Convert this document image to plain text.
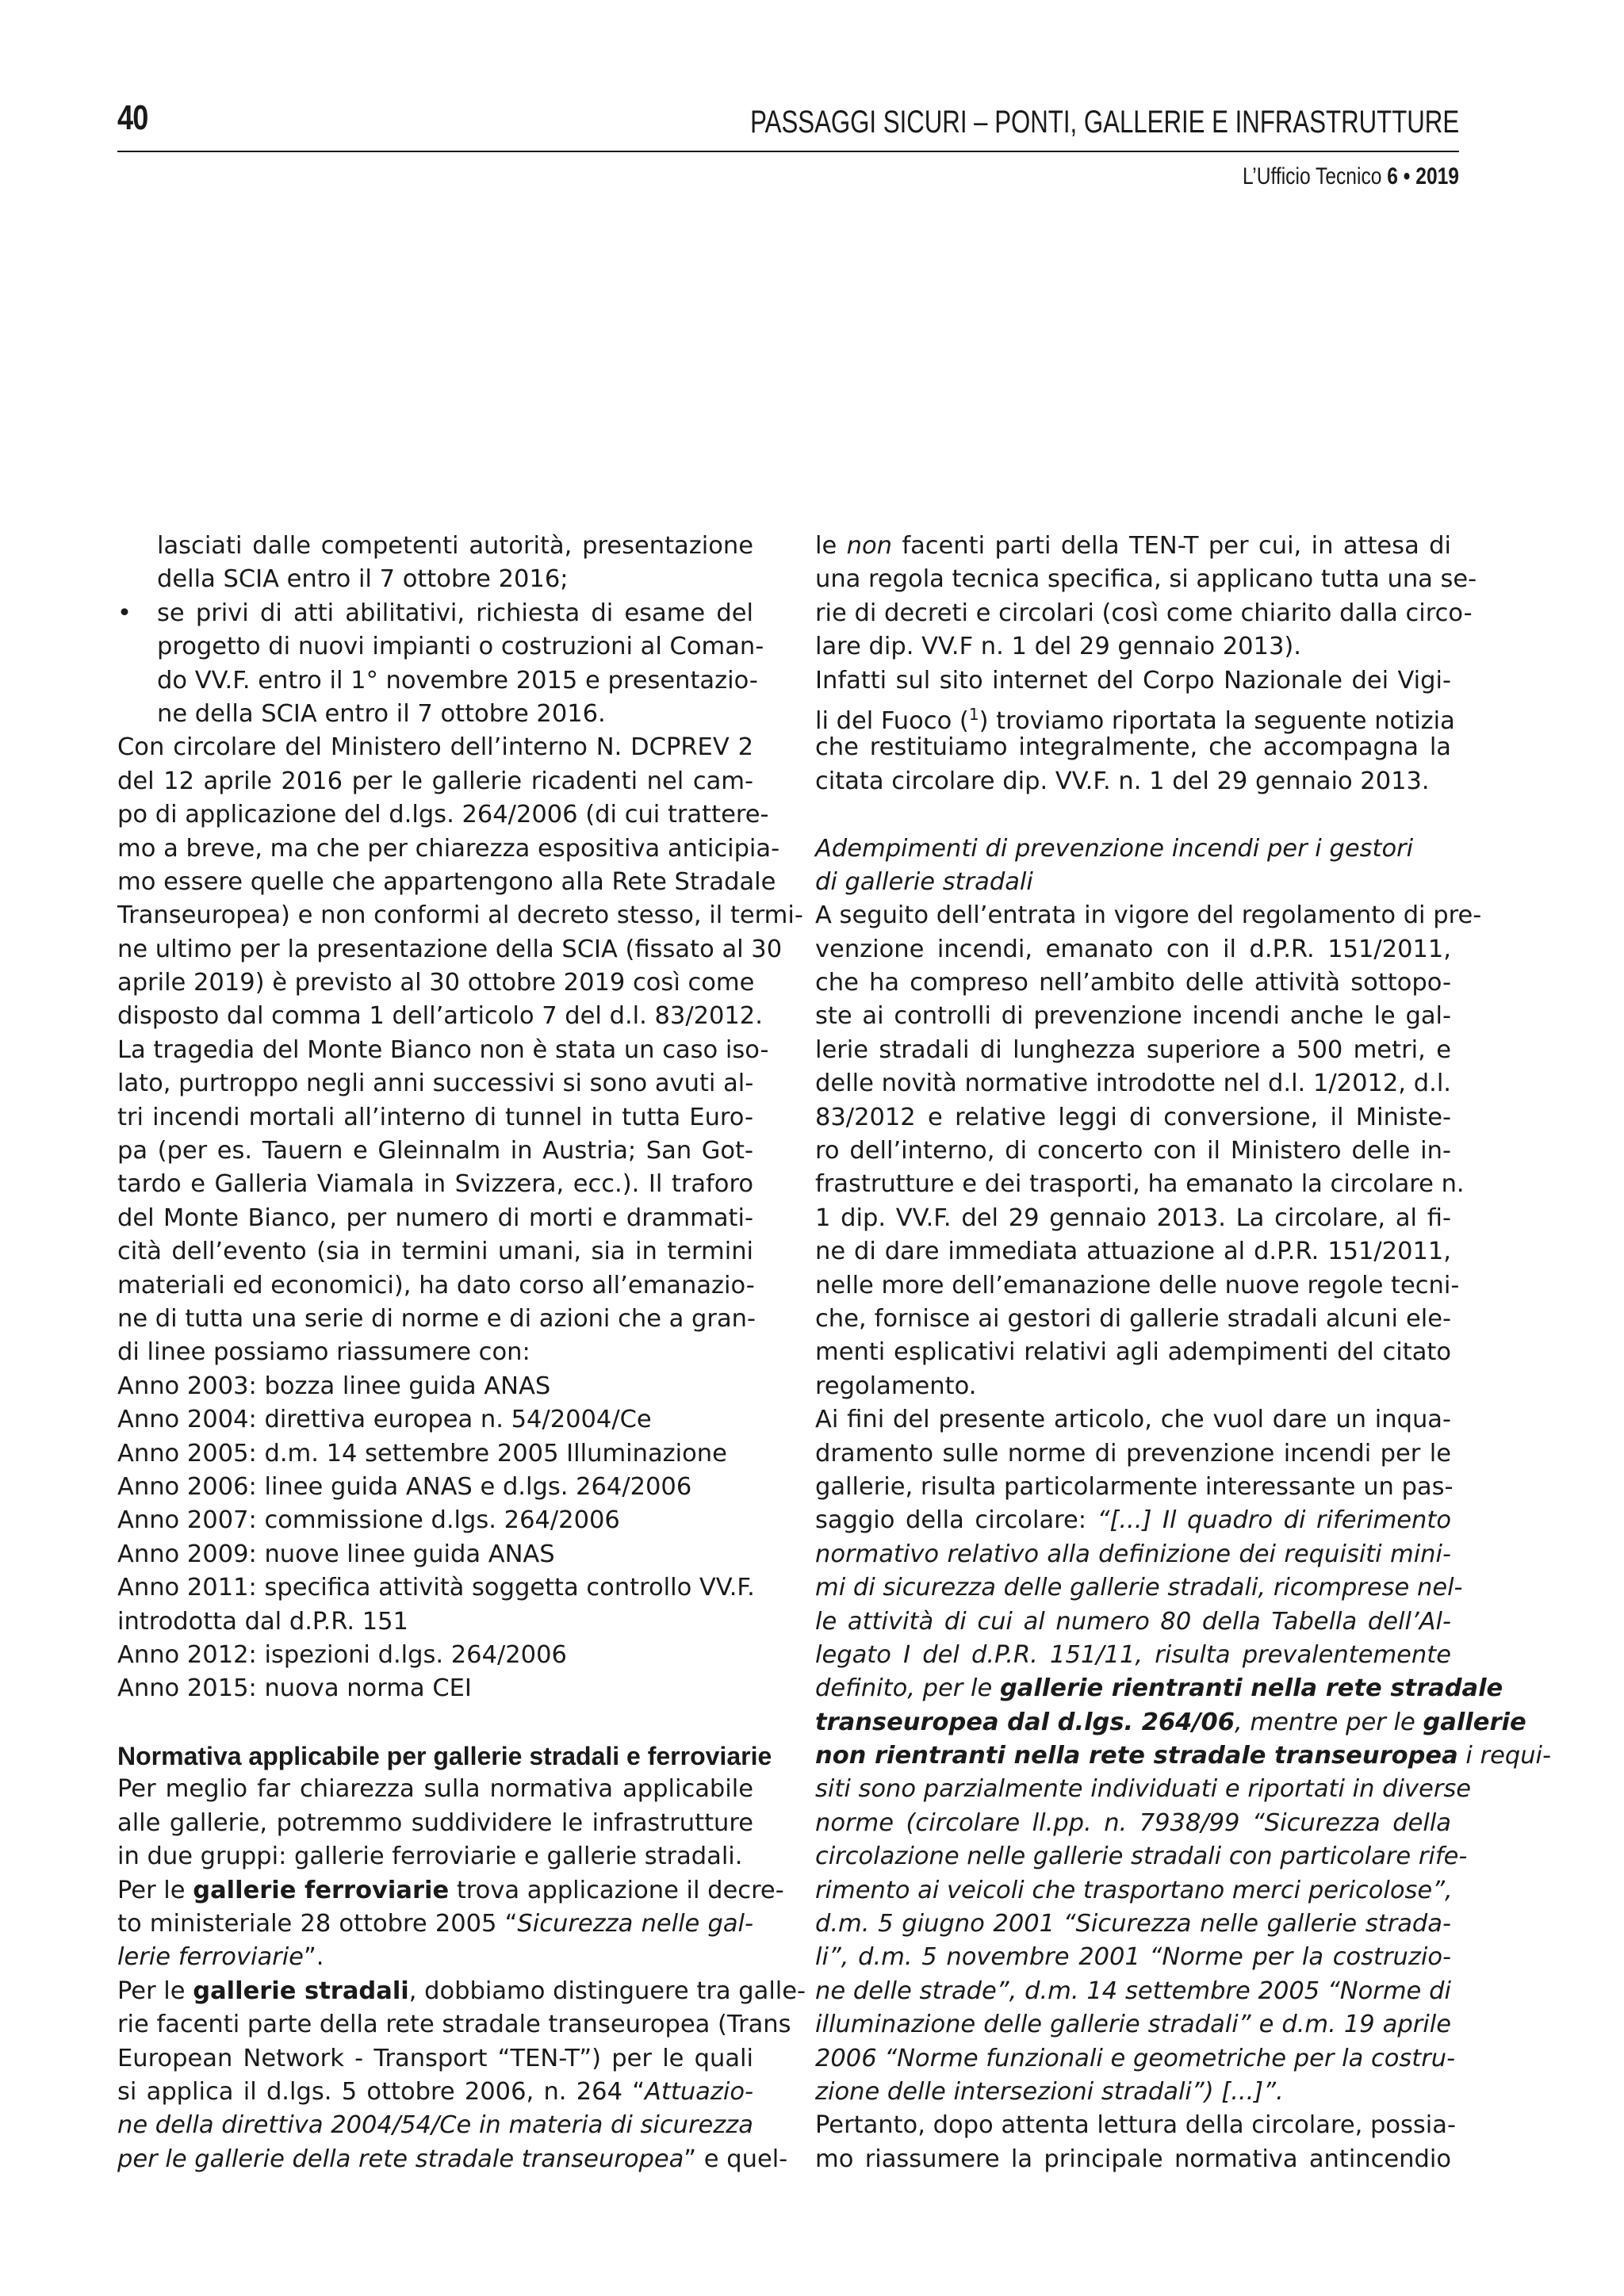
40	PASSAGGI SICURI – PONTI, GALLERIE E INFRASTRUTTURE
L’Ufficio Tecnico 6 • 2019
lasciati dalle competenti autorità, presentazione
della SCIA entro il 7 ottobre 2016;
•	se privi di atti abilitativi, richiesta di esame del
progetto di nuovi impianti o costruzioni al Coman-
do VV.F. entro il 1° novembre 2015 e presentazio-
ne della SCIA entro il 7 ottobre 2016.
Con circolare del Ministero dell’interno N. DCPREV 2
del 12 aprile 2016 per le gallerie ricadenti nel cam-
po di applicazione del d.lgs. 264/2006 (di cui trattere-
mo a breve, ma che per chiarezza espositiva anticipia-
mo essere quelle che appartengono alla Rete Stradale
Transeuropea) e non conformi al decreto stesso, il termi-
ne ultimo per la presentazione della SCIA (fissato al 30
aprile 2019) è previsto al 30 ottobre 2019 così come
disposto dal comma 1 dell’articolo 7 del d.l. 83/2012.
La tragedia del Monte Bianco non è stata un caso iso-
lato, purtroppo negli anni successivi si sono avuti al-
tri incendi mortali all’interno di tunnel in tutta Euro-
pa (per es. Tauern e Gleinnalm in Austria; San Got-
tardo e Galleria Viamala in Svizzera, ecc.). Il traforo
del Monte Bianco, per numero di morti e drammati-
cità dell’evento (sia in termini umani, sia in termini
materiali ed economici), ha dato corso all’emanazio-
ne di tutta una serie di norme e di azioni che a gran-
di linee possiamo riassumere con:
Anno 2003: bozza linee guida ANAS
Anno 2004: direttiva europea n. 54/2004/Ce
Anno 2005: d.m. 14 settembre 2005 Illuminazione
Anno 2006: linee guida ANAS e d.lgs. 264/2006
Anno 2007: commissione d.lgs. 264/2006
Anno 2009: nuove linee guida ANAS
Anno 2011: specifica attività soggetta controllo VV.F.
introdotta dal d.P.R. 151
Anno 2012: ispezioni d.lgs. 264/2006
Anno 2015: nuova norma CEI
Normativa applicabile per gallerie stradali e ferroviarie
Per meglio far chiarezza sulla normativa applicabile
alle gallerie, potremmo suddividere le infrastrutture
in due gruppi: gallerie ferroviarie e gallerie stradali.
Per le gallerie ferroviarie trova applicazione il decre-
to ministeriale 28 ottobre 2005 “Sicurezza nelle gal-
lerie ferroviarie”.
Per le gallerie stradali, dobbiamo distinguere tra galle-
rie facenti parte della rete stradale transeuropea (Trans
European Network - Transport “TEN-T”) per le quali
si applica il d.lgs. 5 ottobre 2006, n. 264 “Attuazio-
ne della direttiva 2004/54/Ce in materia di sicurezza
per le gallerie della rete stradale transeuropea” e quel-
le non facenti parti della TEN-T per cui, in attesa di
una regola tecnica specifica, si applicano tutta una se-
rie di decreti e circolari (così come chiarito dalla circo-
lare dip. VV.F n. 1 del 29 gennaio 2013).
Infatti sul sito internet del Corpo Nazionale dei Vigi-
li del Fuoco ($^1$) troviamo riportata la seguente notizia
che restituiamo integralmente, che accompagna la
citata circolare dip. VV.F. n. 1 del 29 gennaio 2013.
Adempimenti di prevenzione incendi per i gestori
di gallerie stradali
A seguito dell’entrata in vigore del regolamento di pre-
venzione incendi, emanato con il d.P.R. 151/2011,
che ha compreso nell’ambito delle attività sottopo-
ste ai controlli di prevenzione incendi anche le gal-
lerie stradali di lunghezza superiore a 500 metri, e
delle novità normative introdotte nel d.l. 1/2012, d.l.
83/2012 e relative leggi di conversione, il Ministe-
ro dell’interno, di concerto con il Ministero delle in-
frastrutture e dei trasporti, ha emanato la circolare n.
1 dip. VV.F. del 29 gennaio 2013. La circolare, al fi-
ne di dare immediata attuazione al d.P.R. 151/2011,
nelle more dell’emanazione delle nuove regole tecni-
che, fornisce ai gestori di gallerie stradali alcuni ele-
menti esplicativi relativi agli adempimenti del citato
regolamento.
Ai fini del presente articolo, che vuol dare un inqua-
dramento sulle norme di prevenzione incendi per le
gallerie, risulta particolarmente interessante un pas-
saggio della circolare: “[...] Il quadro di riferimento
normativo relativo alla definizione dei requisiti mini-
mi di sicurezza delle gallerie stradali, ricomprese nel-
le attività di cui al numero 80 della Tabella dell’Al-
legato I del d.P.R. 151/11, risulta prevalentemente
definito, per le gallerie rientranti nella rete stradale
transeuropea dal d.lgs. 264/06, mentre per le gallerie
non rientranti nella rete stradale transeuropea i requi-
siti sono parzialmente individuati e riportati in diverse
norme (circolare ll.pp. n. 7938/99 “Sicurezza della
circolazione nelle gallerie stradali con particolare rife-
rimento ai veicoli che trasportano merci pericolose”,
d.m. 5 giugno 2001 “Sicurezza nelle gallerie strada-
li”, d.m. 5 novembre 2001 “Norme per la costruzio-
ne delle strade”, d.m. 14 settembre 2005 “Norme di
illuminazione delle gallerie stradali” e d.m. 19 aprile
2006 “Norme funzionali e geometriche per la costru-
zione delle intersezioni stradali”) [...]”.
Pertanto, dopo attenta lettura della circolare, possia-
mo riassumere la principale normativa antincendio
